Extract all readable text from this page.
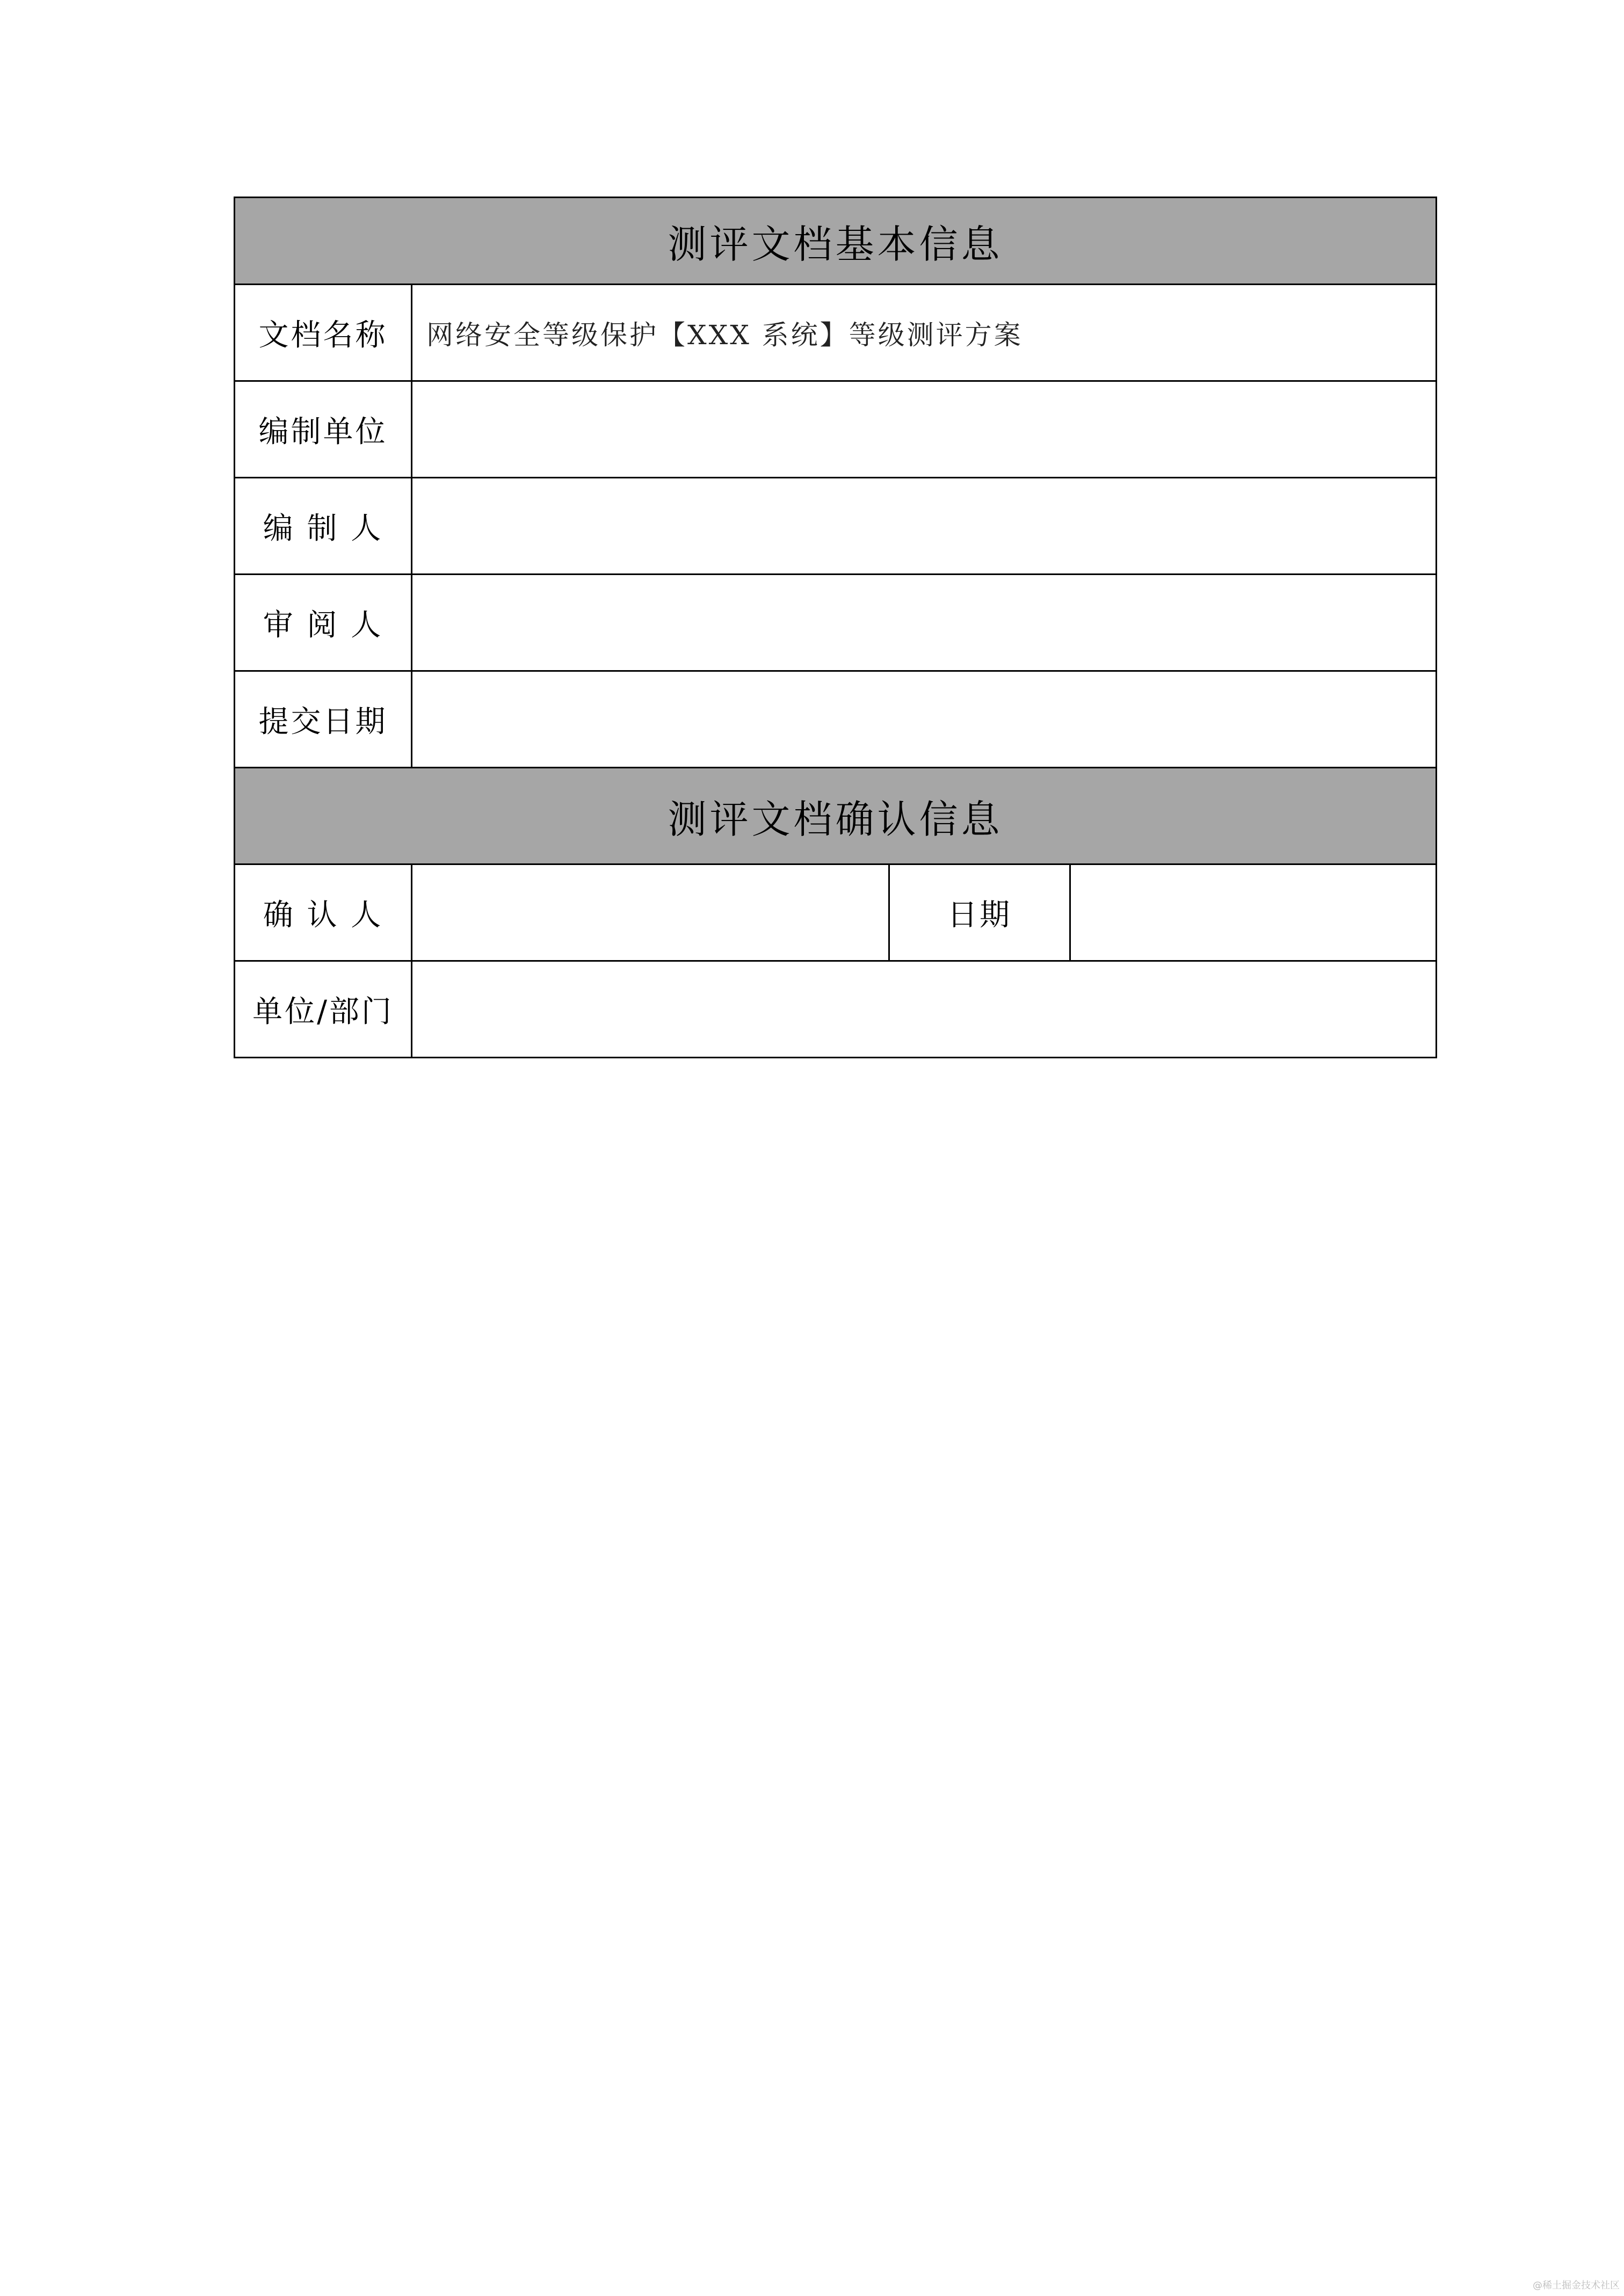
测评文档基本信息			
文档名称	网络安全等级保护【XXX 系统】等级测评方案		
编制单位			
编 制 人			
审 阅 人			
提交日期			
测评文档确认信息			
确 认 人		日期	
单位/部门			
@稀土掘金技术社区
